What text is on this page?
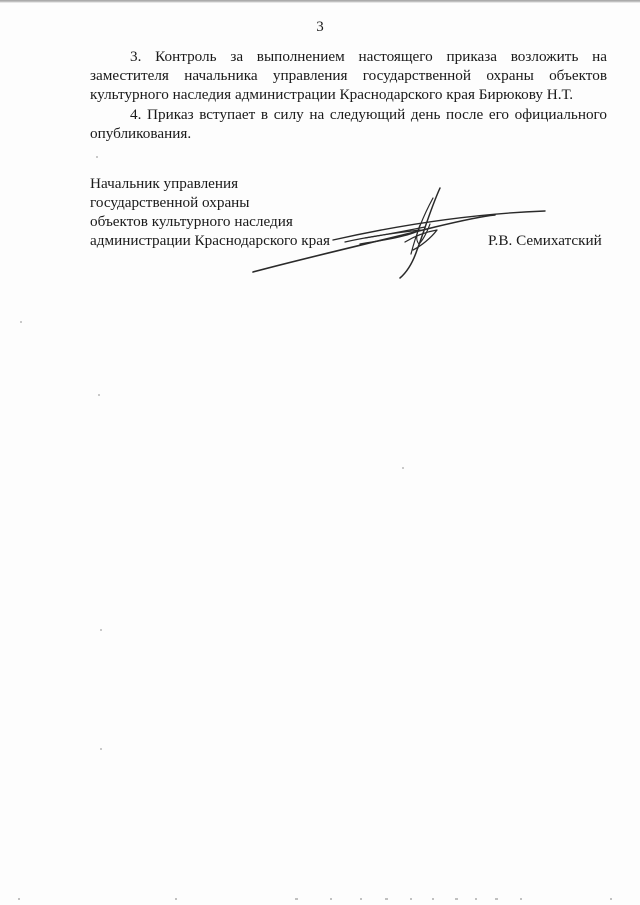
3

3. Контроль за выполнением настоящего приказа возложить на заместителя начальника управления государственной охраны объектов культурного наследия администрации Краснодарского края Бирюкову Н.Т.

4. Приказ вступает в силу на следующий день после его официального опубликования.

Начальник управления
государственной охраны
объектов культурного наследия
администрации Краснодарского края	Р.В. Семихатский
